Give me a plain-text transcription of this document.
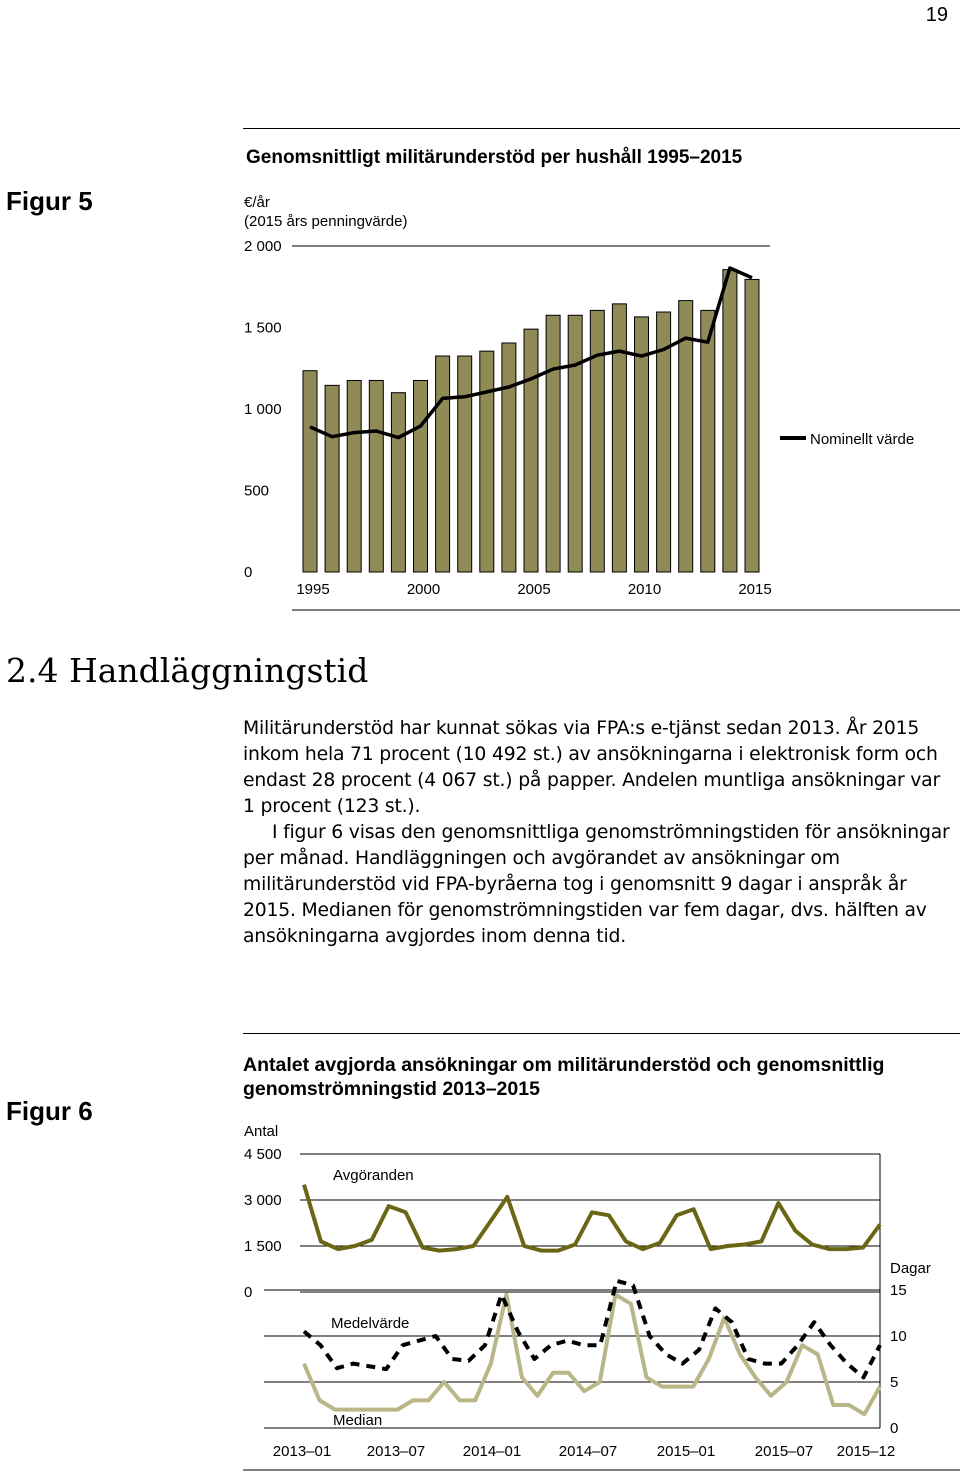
19
Figur 5
Genomsnittligt militärunderstöd per hushåll 1995–2015
€/år
(2015 års penningvärde)
0
500
1 000
1 500
2 000
1995	2000	2005	2010	2015
Nominellt värde
2.4 Handläggningstid

Militärunderstöd har kunnat sökas via FPA:s e-tjänst sedan 2013. År 2015 inkom hela 71 procent (10 492 st.) av ansökningarna i elektronisk form och endast 28 procent (4 067 st.) på papper. Andelen muntliga ansökningar var 1 procent (123 st.).

I figur 6 visas den genomsnittliga genomströmningstiden för ansökningar per månad. Handläggningen och avgörandet av ansökningar om militärunderstöd vid FPA-byråerna tog i genomsnitt 9 dagar i anspråk år 2015. Medianen för genomströmningstiden var fem dagar, dvs. hälften av ansökningarna avgjordes inom denna tid.

Figur 6
Antalet avgjorda ansökningar om militärunderstöd och genomsnittlig genomströmningstid 2013–2015
Antal
Dagar
Avgöranden
Medelvärde
Median
0
1 500
3 000
4 500
0
5
10
15
2013–01 2013–07	2014–01	2014–07	2015–01	2015–07 2015–12
